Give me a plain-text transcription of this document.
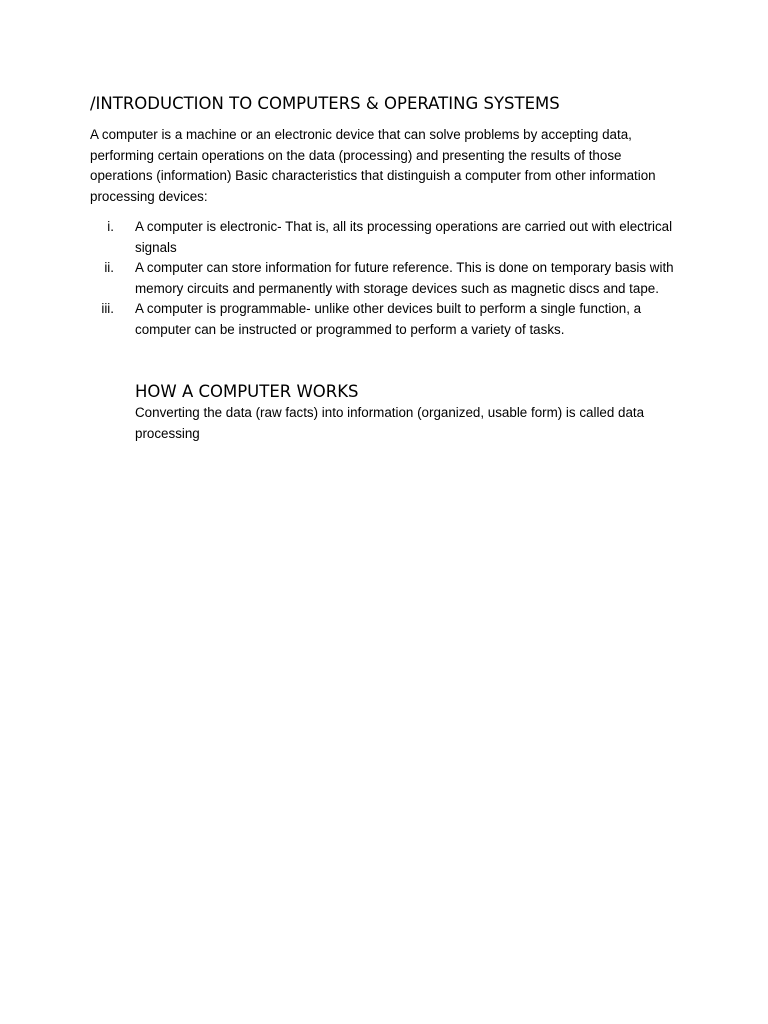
/INTRODUCTION TO COMPUTERS & OPERATING SYSTEMS

A computer is a machine or an electronic device that can solve problems by accepting data, performing certain operations on the data (processing) and presenting the results of those operations (information) Basic characteristics that distinguish a computer from other information processing devices:

i. A computer is electronic- That is, all its processing operations are carried out with electrical signals
ii. A computer can store information for future reference. This is done on temporary basis with memory circuits and permanently with storage devices such as magnetic discs and tape.
iii. A computer is programmable- unlike other devices built to perform a single function, a computer can be instructed or programmed to perform a variety of tasks.
HOW A COMPUTER WORKS

Converting the data (raw facts) into information (organized, usable form) is called data processing
